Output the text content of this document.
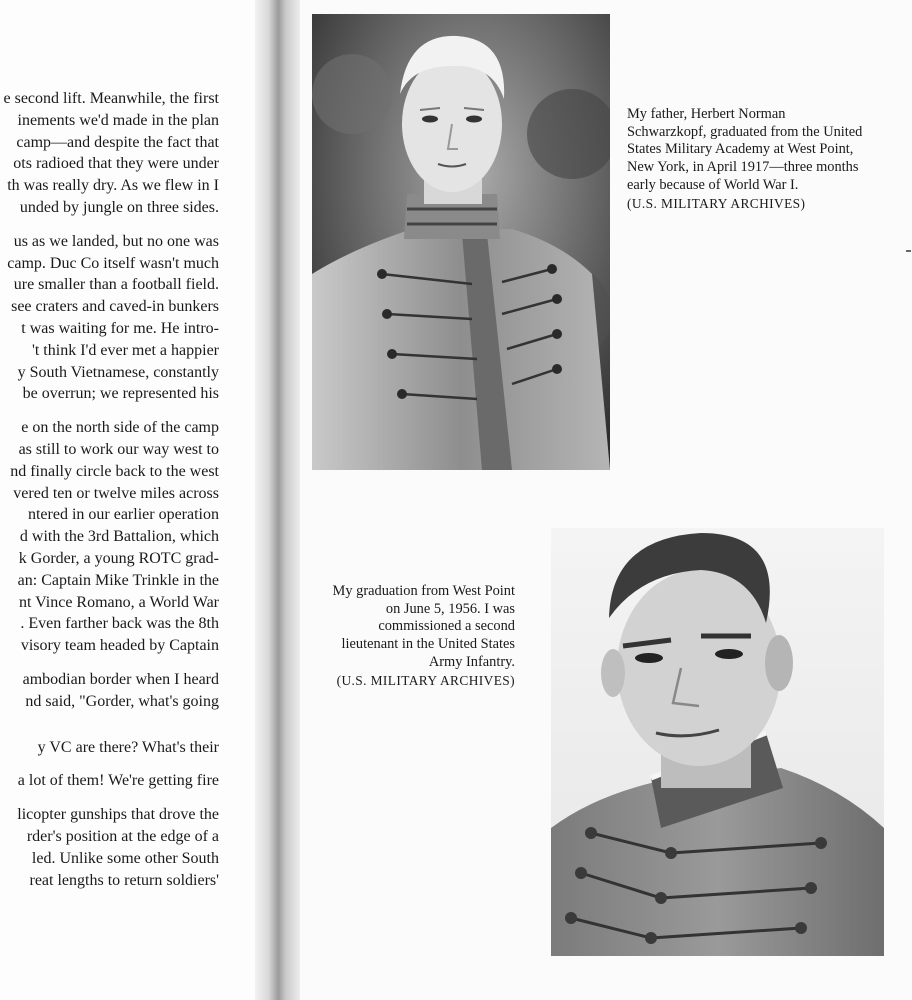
e second lift. Meanwhile, the first
inements we'd made in the plan
camp—and despite the fact that
ots radioed that they were under
th was really dry. As we flew in I
unded by jungle on three sides.
us as we landed, but no one was
camp. Duc Co itself wasn't much
ure smaller than a football field.
see craters and caved-in bunkers
t was waiting for me. He intro-
't think I'd ever met a happier
y South Vietnamese, constantly
be overrun; we represented his
e on the north side of the camp
as still to work our way west to
nd finally circle back to the west
vered ten or twelve miles across
ntered in our earlier operation
d with the 3rd Battalion, which
k Gorder, a young ROTC grad-
an: Captain Mike Trinkle in the
nt Vince Romano, a World War
. Even farther back was the 8th
visory team headed by Captain
ambodian border when I heard
nd said, "Gorder, what's going
y VC are there? What's their
a lot of them! We're getting fire
licopter gunships that drove the
rder's position at the edge of a
led. Unlike some other South
reat lengths to return soldiers'
My father, Herbert Norman
Schwarzkopf, graduated from the United
States Military Academy at West Point,
New York, in April 1917—three months
early because of World War I.
(U.S. MILITARY ARCHIVES)
My graduation from West Point
on June 5, 1956. I was
commissioned a second
lieutenant in the United States
Army Infantry.
(U.S. MILITARY ARCHIVES)
